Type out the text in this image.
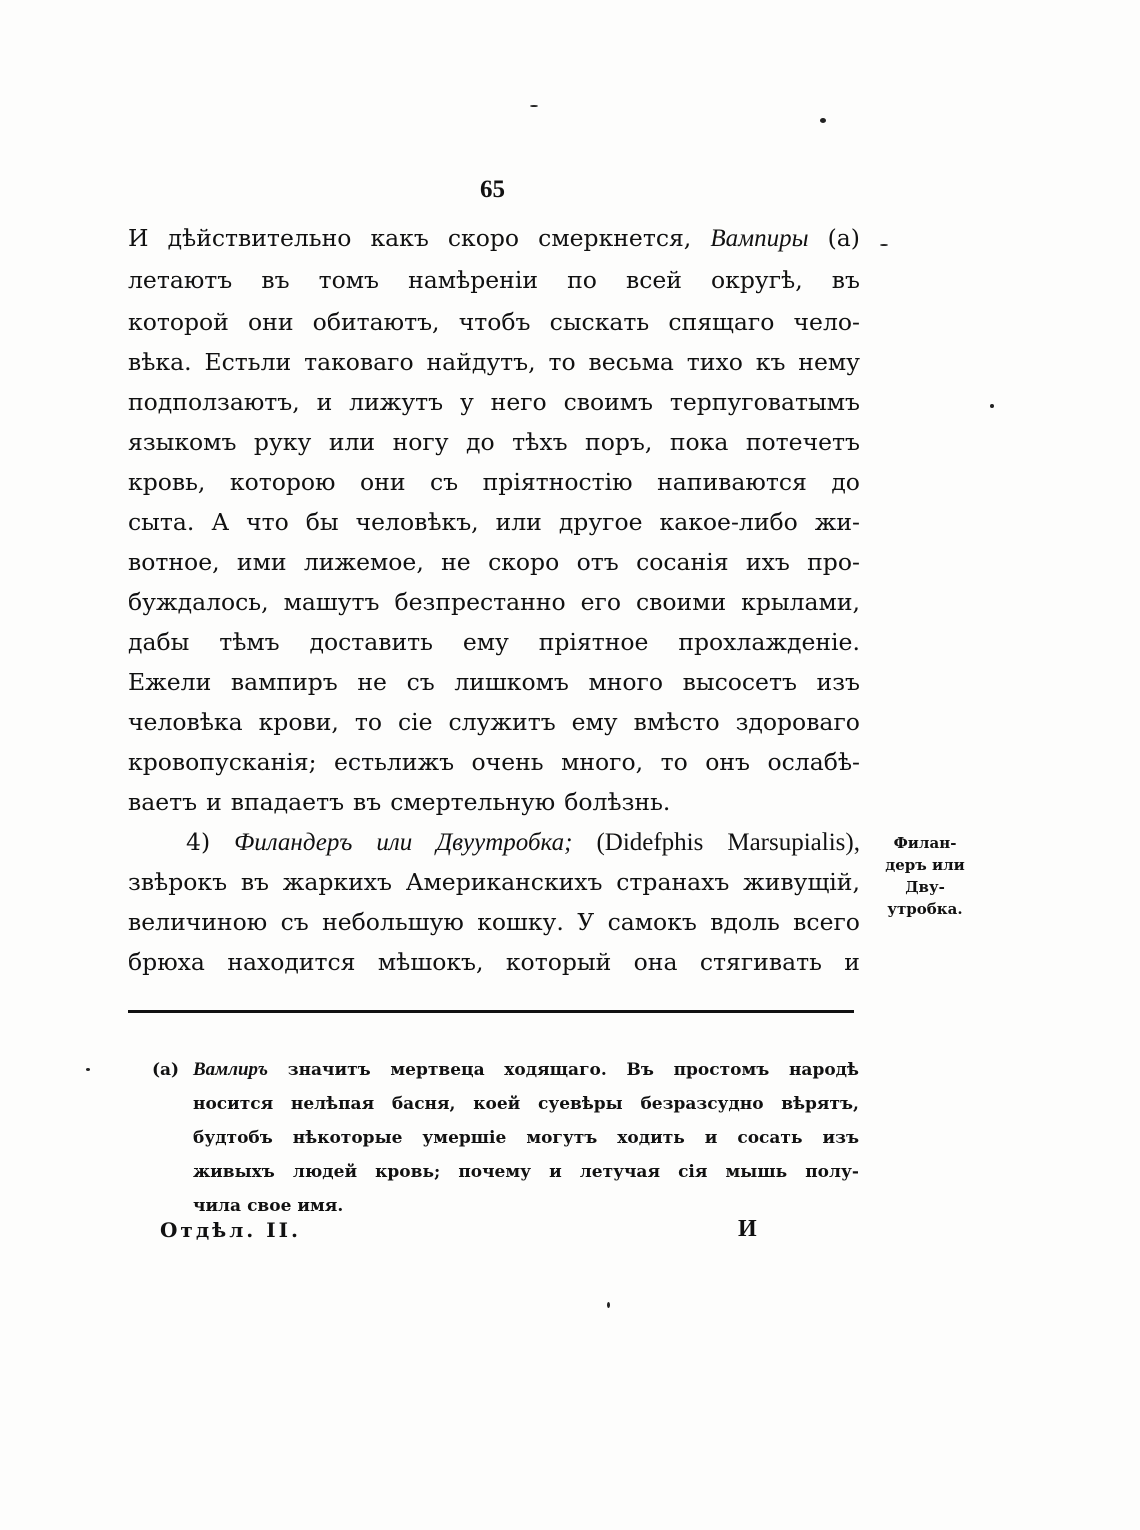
65
И дѣйствительно какъ скоро смеркнется, Вампиры (а)
летаютъ въ томъ намѣреніи по всей округѣ, въ
которой они обитаютъ, чтобъ сыскать спящаго чело-
вѣка. Естьли таковаго найдутъ, то весьма тихо къ нему
подползаютъ, и лижутъ у него своимъ терпуговатымъ
языкомъ руку или ногу до тѣхъ поръ, пока потечетъ
кровь, которою они съ пріятностію напиваются до
сыта. А что бы человѣкъ, или другое какое-либо жи-
вотное, ими лижемое, не скоро отъ сосанія ихъ про-
буждалось, машутъ безпрестанно его своими крылами,
дабы тѣмъ доставить ему пріятное прохлажденіе.
Ежели вампиръ не съ лишкомъ много высосетъ изъ
человѣка крови, то сіе служитъ ему вмѣсто здороваго
кровопусканія; естьлижъ очень много, то онъ ослабѣ-
ваетъ и впадаетъ въ смертельную болѣзнь.
4) Филандеръ или Двуутробка; (Didefphis Marsupialis),
звѣрокъ въ жаркихъ Американскихъ странахъ живущій,
величиною съ небольшую кошку. У самокъ вдоль всего
брюха находится мѣшокъ, который она стягивать и
Филан-
деръ или
Дву-
утробка.
(а) Вамлиръ значитъ мертвеца ходящаго. Въ простомъ народѣ
носится нелѣпая басня, коей суевѣры безразсудно вѣрятъ,
будтобъ нѣкоторые умершіе могутъ ходить и сосать изъ
живыхъ людей кровь; почему и летучая сія мышь полу-
чила свое имя.
Отдѣл. II.	И
